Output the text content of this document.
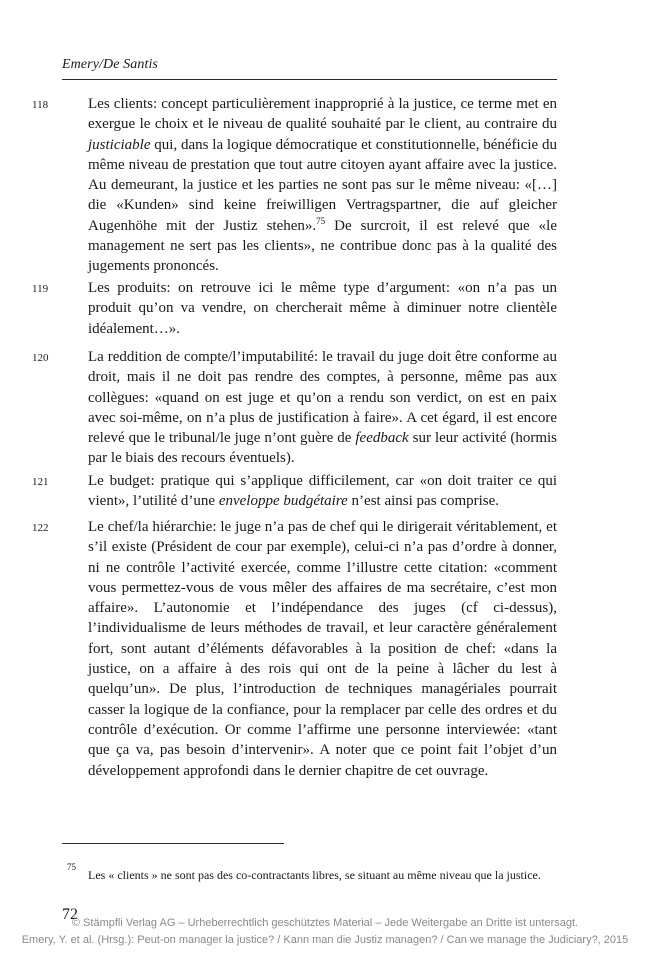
Emery/De Santis
118	Les clients: concept particulièrement inapproprié à la justice, ce terme met en exergue le choix et le niveau de qualité souhaité par le client, au contraire du justiciable qui, dans la logique démocratique et constitutionnelle, bénéficie du même niveau de prestation que tout autre citoyen ayant affaire avec la justice. Au demeurant, la justice et les parties ne sont pas sur le même niveau: «[…] die «Kunden» sind keine freiwilligen Vertragspartner, die auf gleicher Augenhöhe mit der Justiz stehen».$^{75}$ De surcroit, il est relevé que «le management ne sert pas les clients», ne contribue donc pas à la qualité des jugements prononcés.
119	Les produits: on retrouve ici le même type d’argument: «on n’a pas un produit qu’on va vendre, on chercherait même à diminuer notre clientèle idéalement…».
120	La reddition de compte/l’imputabilité: le travail du juge doit être conforme au droit, mais il ne doit pas rendre des comptes, à personne, même pas aux collègues: «quand on est juge et qu’on a rendu son verdict, on est en paix avec soi-même, on n’a plus de justification à faire». A cet égard, il est encore relevé que le tribunal/le juge n’ont guère de feedback sur leur activité (hormis par le biais des recours éventuels).
121	Le budget: pratique qui s’applique difficilement, car «on doit traiter ce qui vient», l’utilité d’une enveloppe budgétaire n’est ainsi pas comprise.
122	Le chef/la hiérarchie: le juge n’a pas de chef qui le dirigerait véritablement, et s’il existe (Président de cour par exemple), celui-ci n’a pas d’ordre à donner, ni ne contrôle l’activité exercée, comme l’illustre cette citation: «comment vous permettez-vous de vous mêler des affaires de ma secrétaire, c’est mon affaire». L’autonomie et l’indépendance des juges (cf ci-dessus), l’individualisme de leurs méthodes de travail, et leur caractère généralement fort, sont autant d’éléments défavorables à la position de chef: «dans la justice, on a affaire à des rois qui ont de la peine à lâcher du lest à quelqu’un». De plus, l’introduction de techniques managériales pourrait casser la logique de la confiance, pour la remplacer par celle des ordres et du contrôle d’exécution. Or comme l’affirme une personne interviewée: «tant que ça va, pas besoin d’intervenir». A noter que ce point fait l’objet d’un développement approfondi dans le dernier chapitre de cet ouvrage.
75
Les « clients » ne sont pas des co-contractants libres, se situant au même niveau que la justice.
72
© Stämpfli Verlag AG – Urheberrechtlich geschütztes Material – Jede Weitergabe an Dritte ist untersagt.
Emery, Y. et al. (Hrsg.): Peut-on manager la justice? / Kann man die Justiz managen? / Can we manage the Judiciary?, 2015
